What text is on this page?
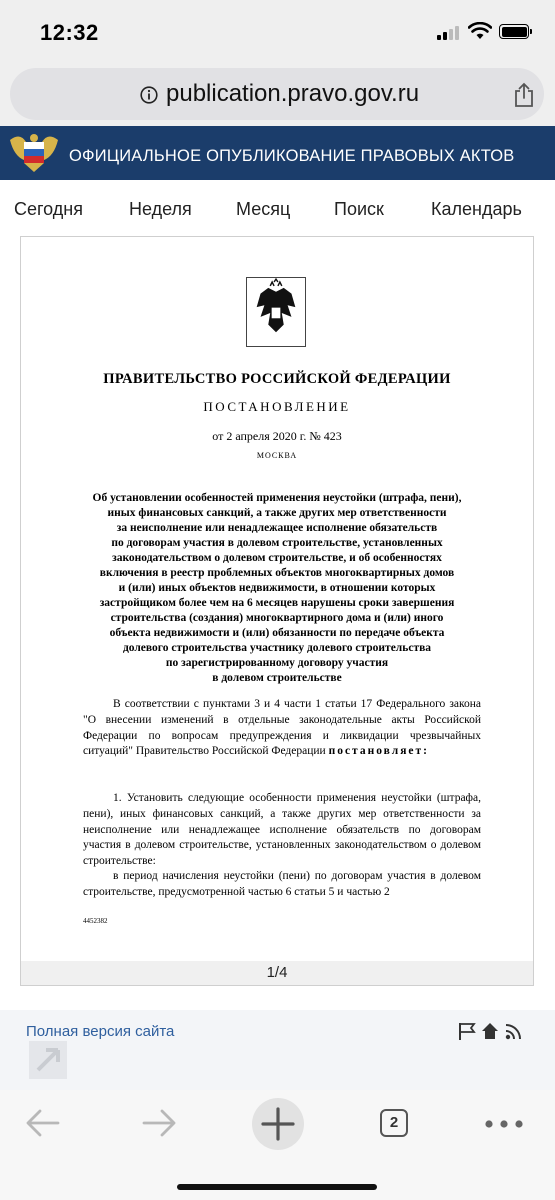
12:32
publication.pravo.gov.ru
ОФИЦИАЛЬНОЕ ОПУБЛИКОВАНИЕ ПРАВОВЫХ АКТОВ
Сегодня	Неделя Месяц Поиск	Календарь
ПРАВИТЕЛЬСТВО РОССИЙСКОЙ ФЕДЕРАЦИИ
ПОСТАНОВЛЕНИЕ
от 2 апреля 2020 г. № 423
МОСКВА
Об установлении особенностей применения неустойки (штрафа, пени),
иных финансовых санкций, а также других мер ответственности
за неисполнение или ненадлежащее исполнение обязательств
по договорам участия в долевом строительстве, установленных
законодательством о долевом строительстве, и об особенностях
включения в реестр проблемных объектов многоквартирных домов
и (или) иных объектов недвижимости, в отношении которых
застройщиком более чем на 6 месяцев нарушены сроки завершения
строительства (создания) многоквартирного дома и (или) иного
объекта недвижимости и (или) обязанности по передаче объекта
долевого строительства участнику долевого строительства
по зарегистрированному договору участия
в долевом строительстве
В соответствии с пунктами 3 и 4 части 1 статьи 17 Федерального закона "О внесении изменений в отдельные законодательные акты Российской Федерации по вопросам предупреждения и ликвидации чрезвычайных ситуаций" Правительство Российской Федерации постановляет:
1. Установить следующие особенности применения неустойки (штрафа, пени), иных финансовых санкций, а также других мер ответственности за неисполнение или ненадлежащее исполнение обязательств по договорам участия в долевом строительстве, установленных законодательством о долевом строительстве:
в период начисления неустойки (пени) по договорам участия в долевом строительстве, предусмотренной частью 6 статьи 5 и частью 2
4452382
1/4
Полная версия сайта
2
